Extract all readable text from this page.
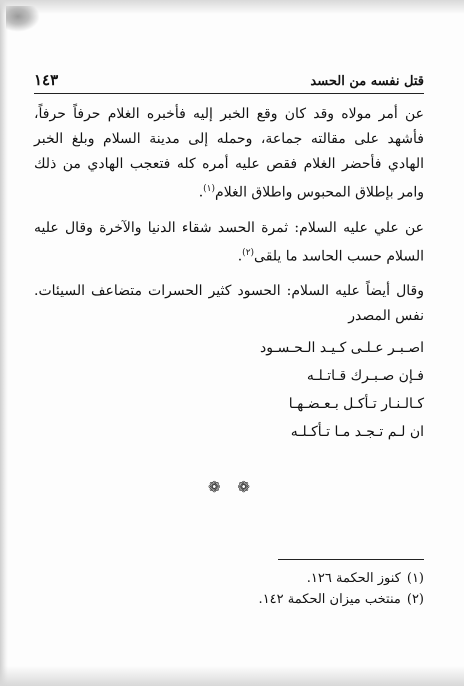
قتل نفسه من الحسد
١٤٣

عن أمر مولاه وقد كان وقع الخبر إليه فأخبره الغلام حرفاً حرفاً، فأشهد على مقالته جماعة، وحمله إلى مدينة السلام وبلغ الخبر الهادي فأحضر الغلام فقص عليه أمره كله فتعجب الهادي من ذلك وامر بإطلاق المحبوس واطلاق الغلام$^{(١)}$.

عن علي عليه السلام: ثمرة الحسد شقاء الدنيا والآخرة وقال عليه السلام حسب الحاسد ما يلقى$^{(٢)}$.

وقال أيضاً عليه السلام: الحسود كثير الحسرات متضاعف السيئات. نفس المصدر

اصـبـر عـلـى كـيـد الـحـسـود
فـإن صـبـرك قـاتـلـه
كـالـنـار تـأكـل بـعـضـهـا
ان لـم تـجـد مـا تـأكـلـه
❁ ❁
(١)كنوز الحكمة ١٢٦.
(٢)منتخب ميزان الحكمة ١٤٢.
